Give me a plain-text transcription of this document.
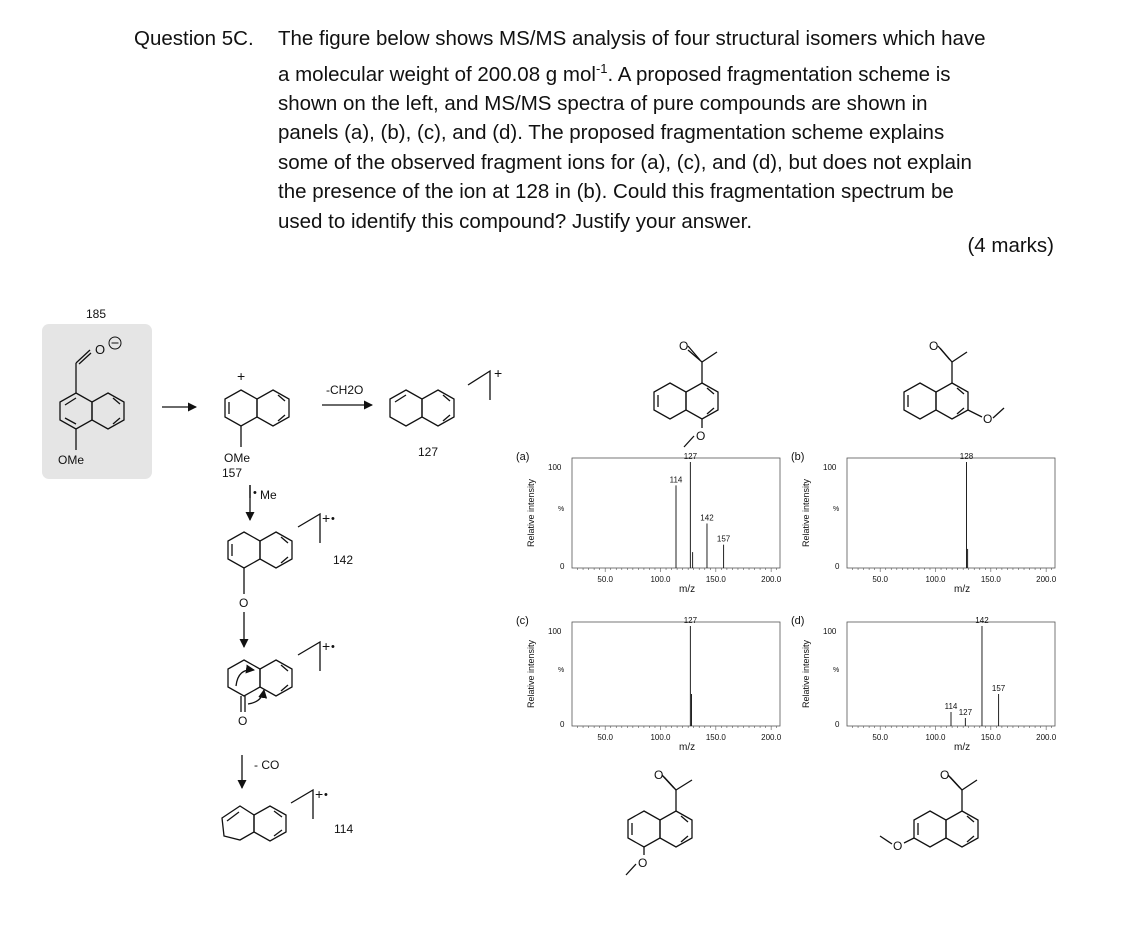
Question 5C. The figure below shows MS/MS analysis of four structural isomers which have
a molecular weight of 200.08 g mol$^{-1}$. A proposed fragmentation scheme is
shown on the left, and MS/MS spectra of pure compounds are shown in
panels (a), (b), (c), and (d). The proposed fragmentation scheme explains
some of the observed fragment ions for (a), (c), and (d), but does not explain
the presence of the ion at 128 in (b). Could this fragmentation spectrum be
used to identify this compound? Justify your answer.
(4 marks)
185
O
OMe
+
OMe
157
-CH2O
+
127
• Me
+ •
O
142
+ •
O
- CO
+ •
114
O
O
O
O
O
O
O
O
(a)
100
%
0
Relative intensity
50.0	100.0	150.0	200.0
m/z
114
127
142
157
(b)
100
%
0
Relative intensity
50.0	100.0	150.0	200.0
m/z
128
(c)
100
%
0
Relative intensity
50.0	100.0	150.0	200.0
m/z
127	(d)
100
%
0
Relative intensity
50.0	100.0	150.0	200.0
m/z
114
127
142
157
